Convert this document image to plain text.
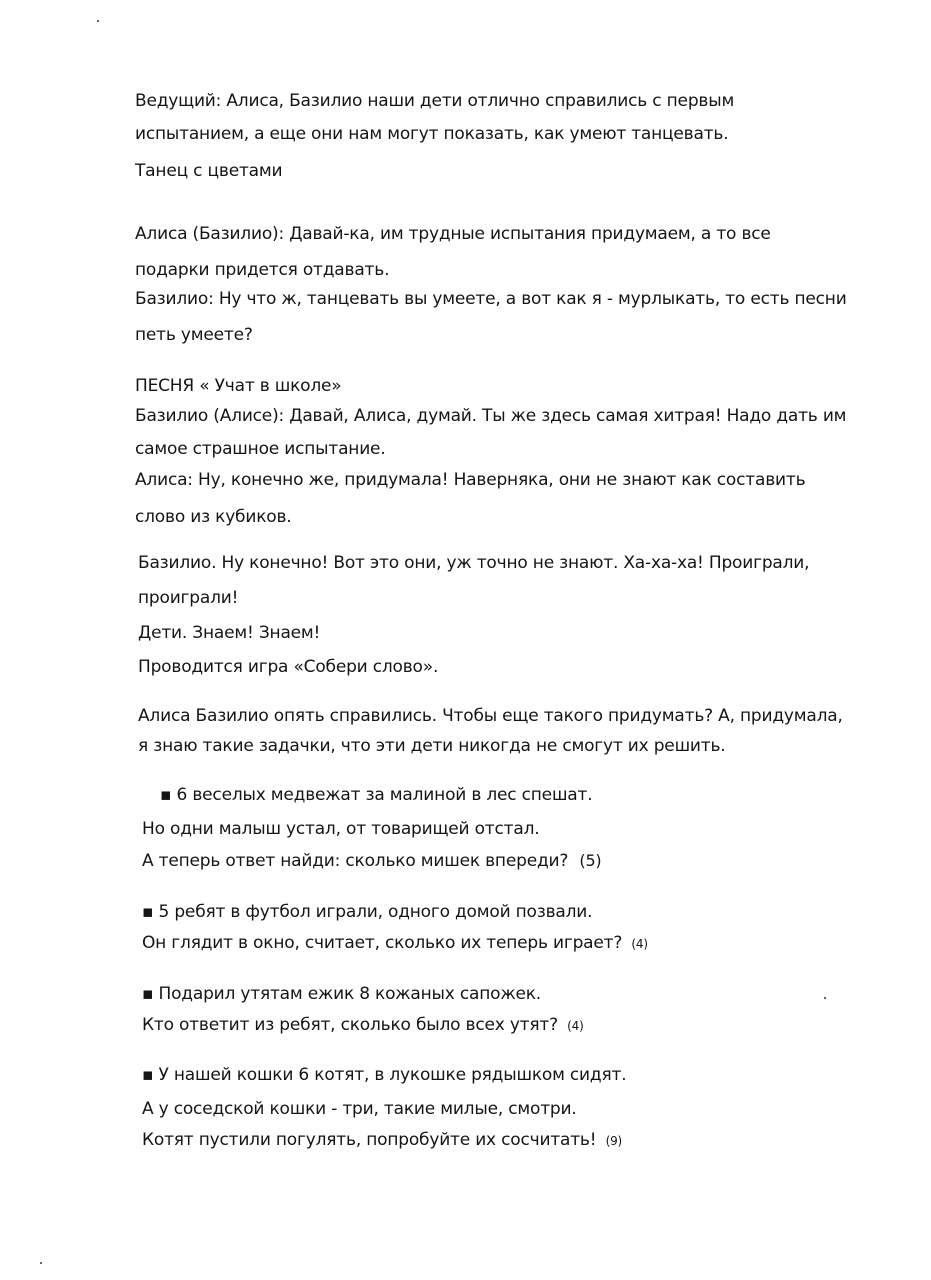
Ведущий: Алиса, Базилио наши дети отлично справились с первым
испытанием, а еще они нам могут показать, как умеют танцевать.
Танец с цветами
Алиса (Базилио): Давай-ка, им трудные испытания придумаем, а то все
подарки придется отдавать.
Базилио: Ну что ж, танцевать вы умеете, а вот как я - мурлыкать, то есть песни
петь умеете?
ПЕСНЯ « Учат в школе»
Базилио (Алисе): Давай, Алиса, думай. Ты же здесь самая хитрая! Надо дать им
самое страшное испытание.
Алиса: Ну, конечно же, придумала! Наверняка, они не знают как составить
слово из кубиков.
Базилио. Ну конечно! Вот это они, уж точно не знают. Ха-ха-ха! Проиграли,
проиграли!
Дети. Знаем! Знаем!
Проводится игра «Собери слово».
Алиса Базилио опять справились. Чтобы еще такого придумать? А, придумала,
я знаю такие задачки, что эти дети никогда не смогут их решить.
▪ 6 веселых медвежат за малиной в лес спешат.
Но одни малыш устал, от товарищей отстал.
А теперь ответ найди: сколько мишек впереди? (5)
▪ 5 ребят в футбол играли, одного домой позвали.
Он глядит в окно, считает, сколько их теперь играет? (4)
▪ Подарил утятам ежик 8 кожаных сапожек.
Кто ответит из ребят, сколько было всех утят? (4)
▪ У нашей кошки 6 котят, в лукошке рядышком сидят.
А у соседской кошки - три, такие милые, смотри.
Котят пустили погулять, попробуйте их сосчитать! (9)
